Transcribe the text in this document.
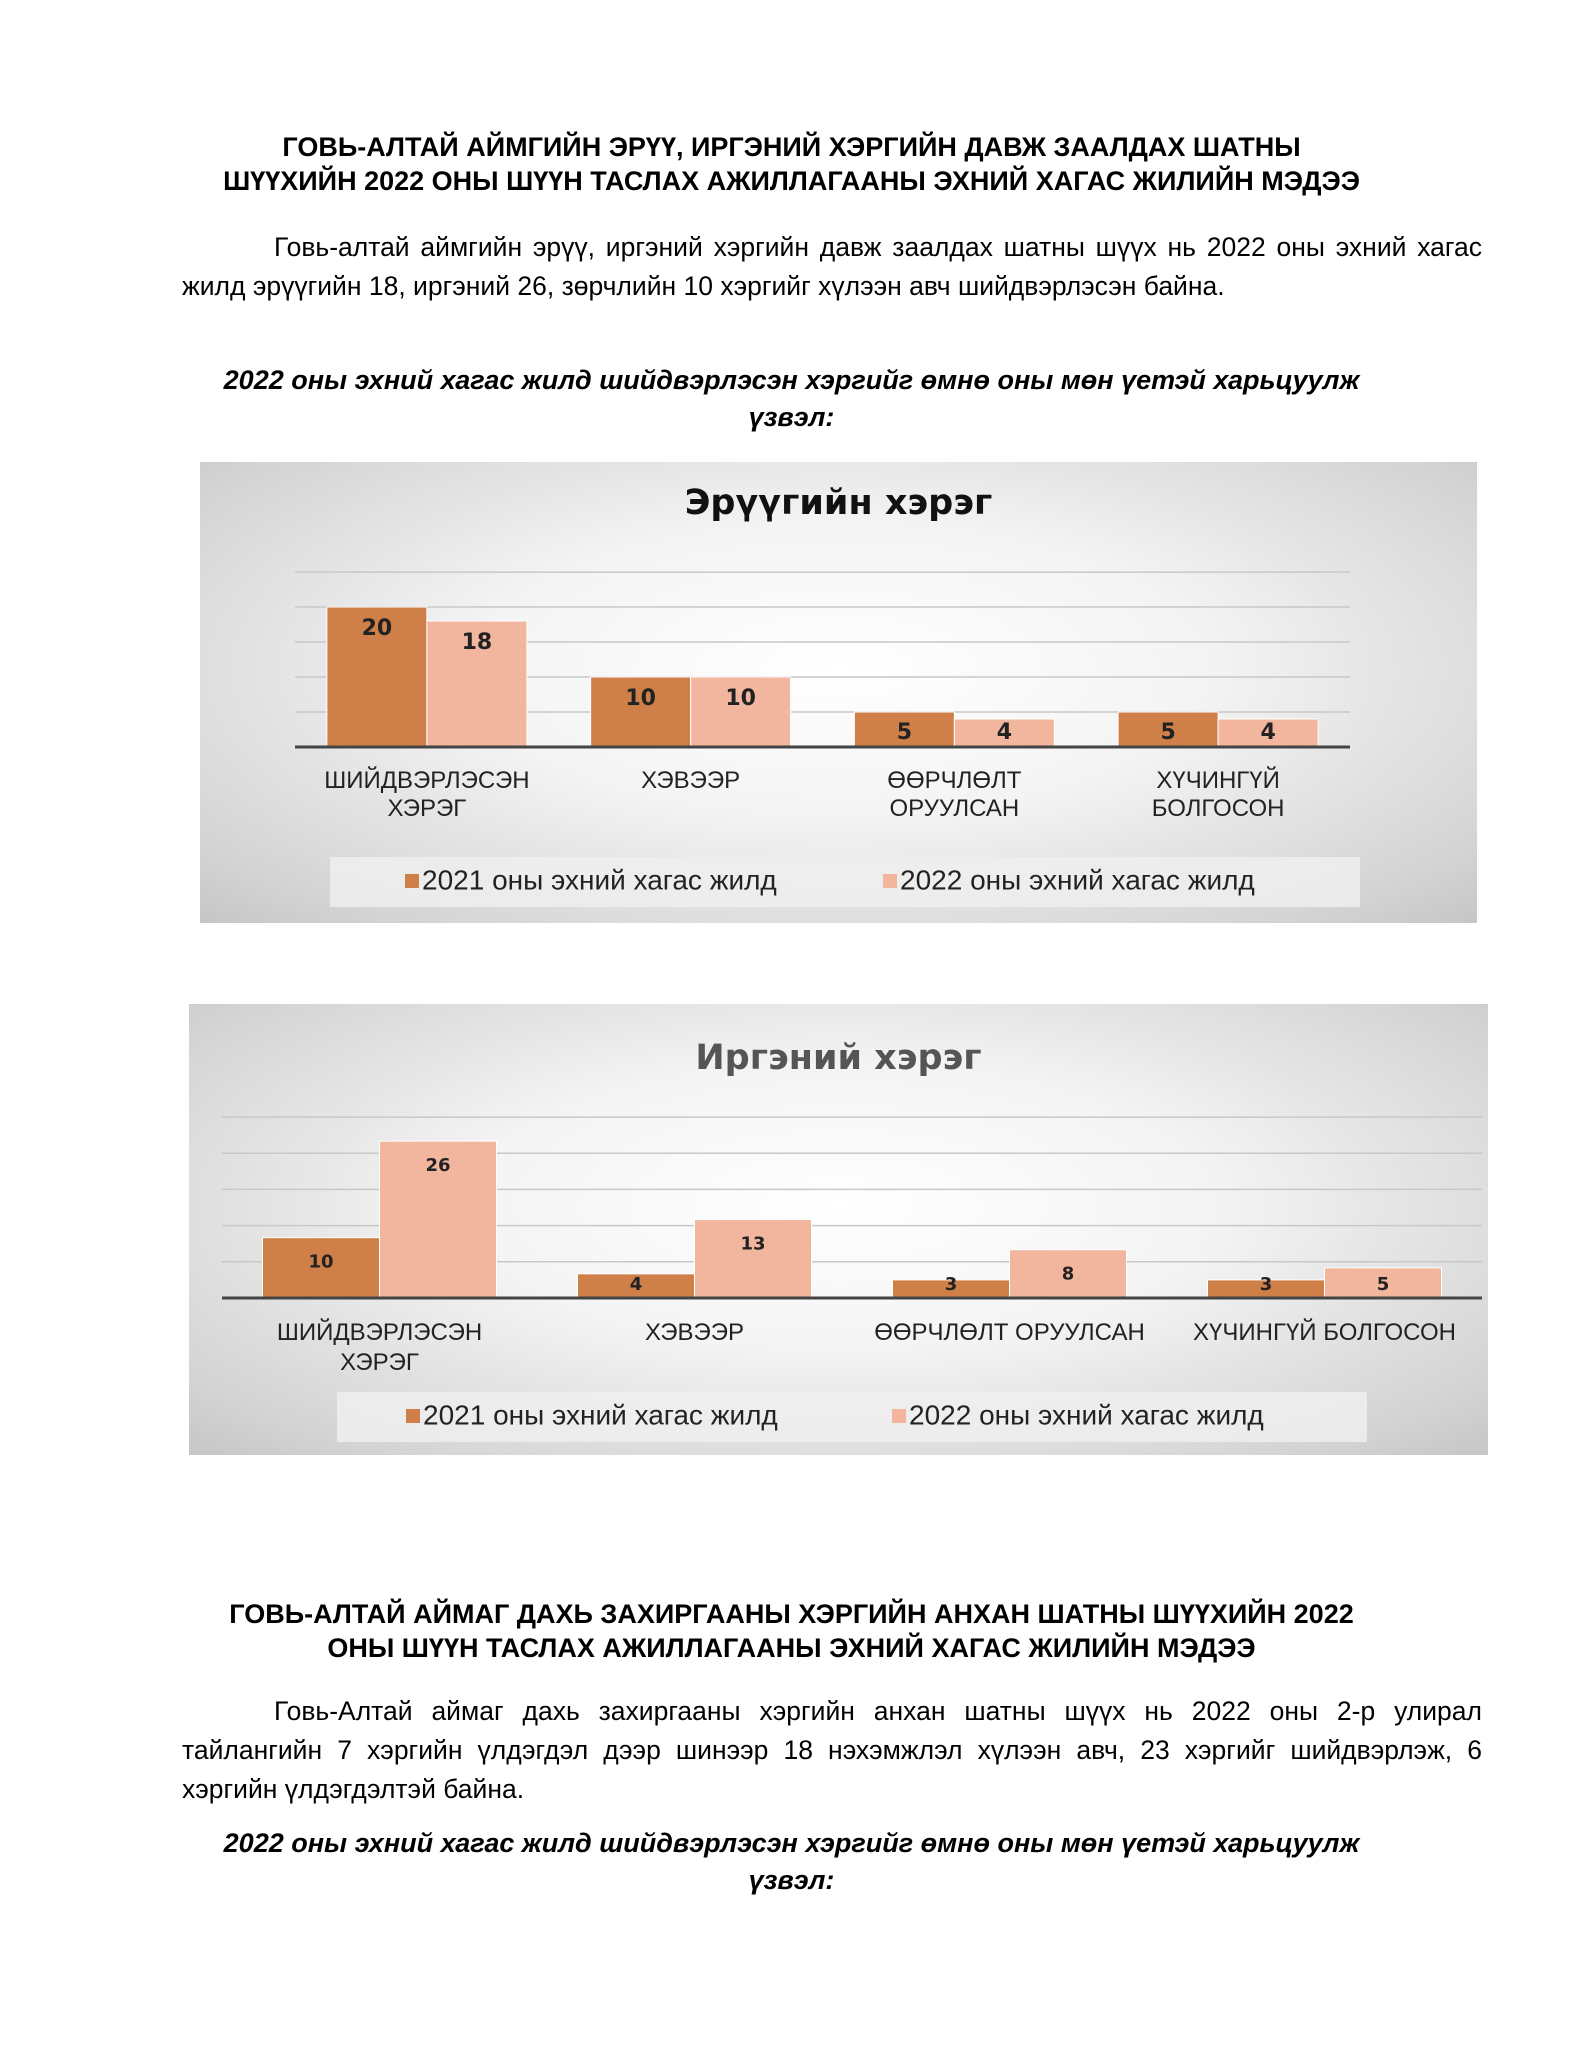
ГОВЬ-АЛТАЙ АЙМГИЙН ЭРҮҮ, ИРГЭНИЙ ХЭРГИЙН ДАВЖ ЗААЛДАХ ШАТНЫ
ШҮҮХИЙН 2022 ОНЫ ШҮҮН ТАСЛАХ АЖИЛЛАГААНЫ ЭХНИЙ ХАГАС ЖИЛИЙН МЭДЭЭ

Говь-алтай аймгийн эрүү, иргэний хэргийн давж заалдах шатны шүүх нь 2022 оны эхний хагас жилд эрүүгийн 18, иргэний 26, зөрчлийн 10 хэргийг хүлээн авч шийдвэрлэсэн байна.

2022 оны эхний хагас жилд шийдвэрлэсэн хэргийг өмнө оны мөн үетэй харьцуулж
үзвэл:
Эрүүгийн хэрэг
20
18
ШИЙДВЭРЛЭСЭН
ХЭРЭГ
10	10
ХЭВЭЭР
5	4
ӨӨРЧЛӨЛТ
ОРУУЛСАН
5	4
ХҮЧИНГҮЙ
БОЛГОСОН
2021 оны эхний хагас жилд	2022 оны эхний хагас жилд
Иргэний хэрэг
10
26
ШИЙДВЭРЛЭСЭН
ХЭРЭГ
4
13
ХЭВЭЭР
3	8
ӨӨРЧЛӨЛТ ОРУУЛСАН
3	5
ХҮЧИНГҮЙ БОЛГОСОН
2021 оны эхний хагас жилд	2022 оны эхний хагас жилд
ГОВЬ-АЛТАЙ АЙМАГ ДАХЬ ЗАХИРГААНЫ ХЭРГИЙН АНХАН ШАТНЫ ШҮҮХИЙН 2022
ОНЫ ШҮҮН ТАСЛАХ АЖИЛЛАГААНЫ ЭХНИЙ ХАГАС ЖИЛИЙН МЭДЭЭ

Говь-Алтай аймаг дахь захиргааны хэргийн анхан шатны шүүх нь 2022 оны 2-р улирал тайлангийн 7 хэргийн үлдэгдэл дээр шинээр 18 нэхэмжлэл хүлээн авч, 23 хэргийг шийдвэрлэж, 6 хэргийн үлдэгдэлтэй байна.

2022 оны эхний хагас жилд шийдвэрлэсэн хэргийг өмнө оны мөн үетэй харьцуулж
үзвэл:
